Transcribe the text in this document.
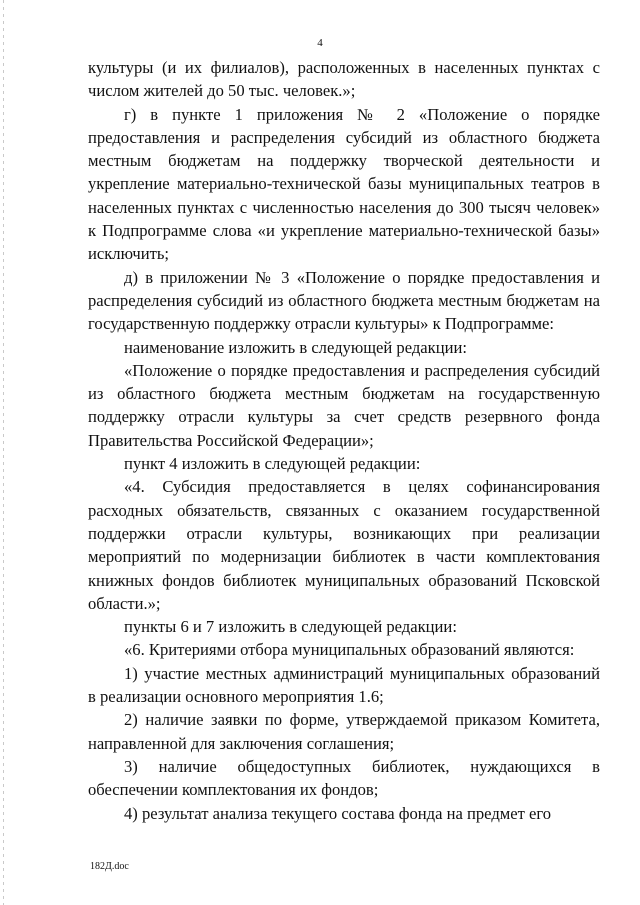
4

культуры (и их филиалов), расположенных в населенных пунктах с числом жителей до 50 тыс. человек.»;

г) в пункте 1 приложения № 2 «Положение о порядке предоставления и распределения субсидий из областного бюджета местным бюджетам на поддержку творческой деятельности и укрепление материально-технической базы муниципальных театров в населенных пунктах с численностью населения до 300 тысяч человек» к Подпрограмме слова «и укрепление материально-технической базы» исключить;

д) в приложении № 3 «Положение о порядке предоставления и распределения субсидий из областного бюджета местным бюджетам на государственную поддержку отрасли культуры» к Подпрограмме:

наименование изложить в следующей редакции:

«Положение о порядке предоставления и распределения субсидий из областного бюджета местным бюджетам на государственную поддержку отрасли культуры за счет средств резервного фонда Правительства Российской Федерации»;

пункт 4 изложить в следующей редакции:

«4. Субсидия предоставляется в целях софинансирования расходных обязательств, связанных с оказанием государственной поддержки отрасли культуры, возникающих при реализации мероприятий по модернизации библиотек в части комплектования книжных фондов библиотек муниципальных образований Псковской области.»;

пункты 6 и 7 изложить в следующей редакции:

«6. Критериями отбора муниципальных образований являются:

1) участие местных администраций муниципальных образований в реализации основного мероприятия 1.6;

2) наличие заявки по форме, утверждаемой приказом Комитета, направленной для заключения соглашения;

3) наличие общедоступных библиотек, нуждающихся в обеспечении комплектования их фондов;

4) результат анализа текущего состава фонда на предмет его

182Д.doc
